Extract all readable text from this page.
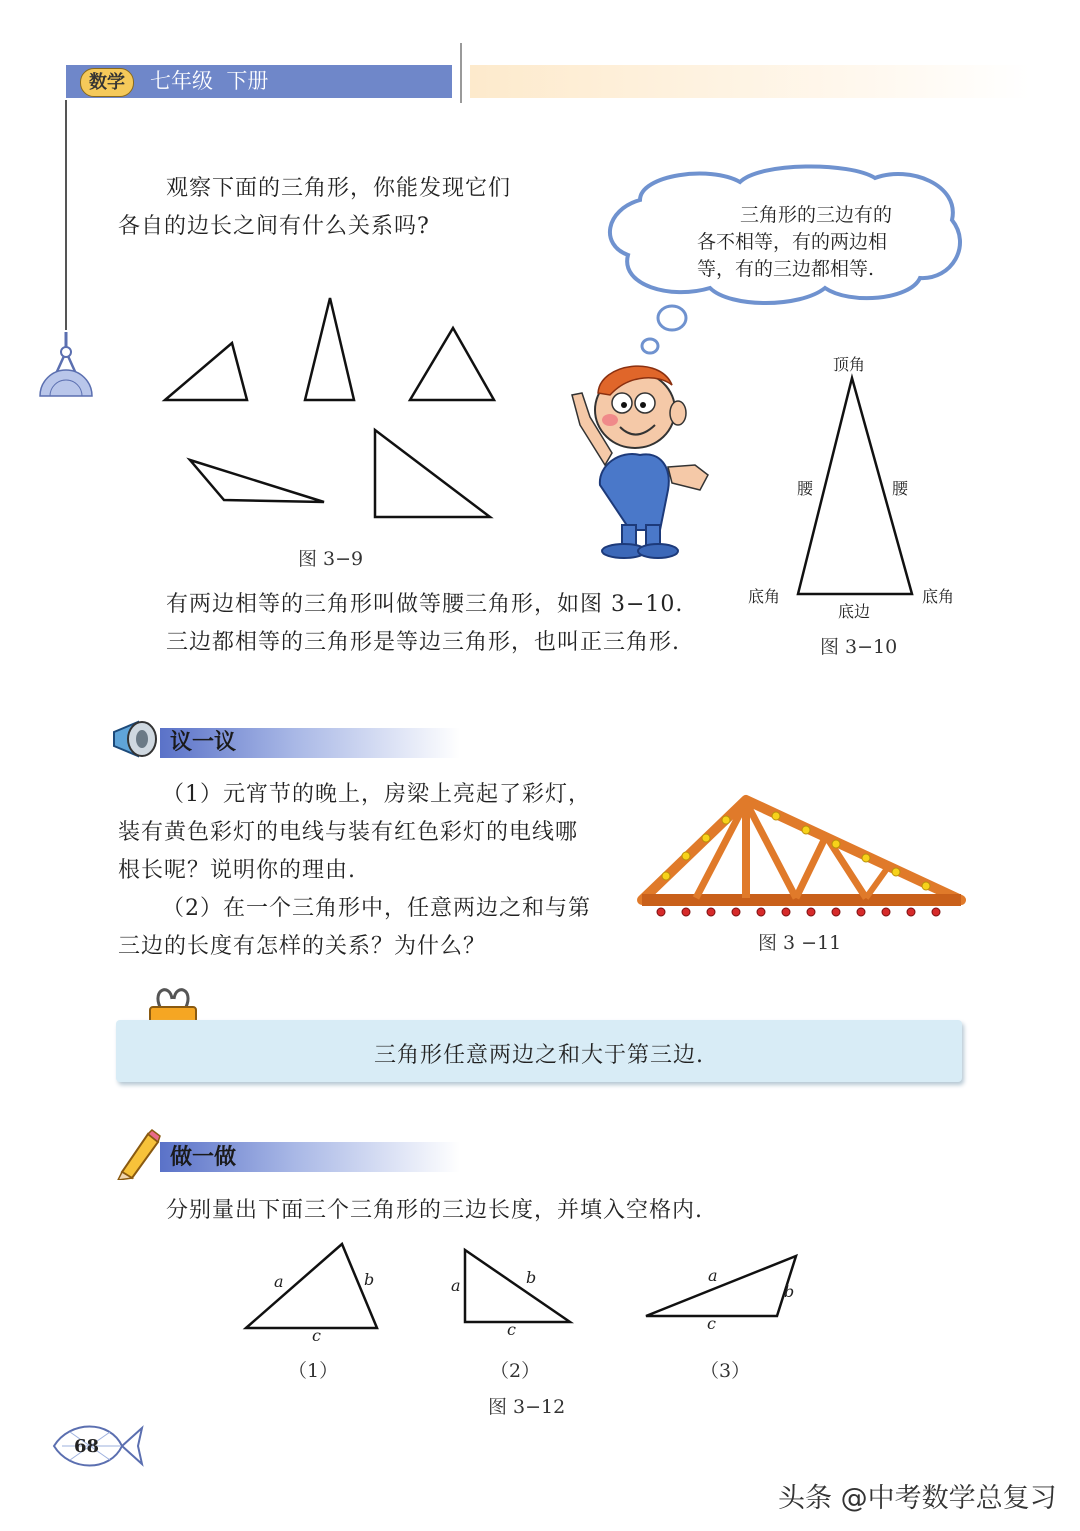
数学	七年级  下册
观察下面的三角形，你能发现它们
各自的边长之间有什么关系吗?	三角形的三边有的
各不相等，有的两边相
等，有的三边都相等.
图 3−9
顶角
腰	腰
底角	底角
底边
图 3−10
有两边相等的三角形叫做等腰三角形，如图 3−10.
三边都相等的三角形是等边三角形，也叫正三角形.
议一议
（1）元宵节的晚上，房梁上亮起了彩灯，
装有黄色彩灯的电线与装有红色彩灯的电线哪
根长呢？说明你的理由.
（2）在一个三角形中，任意两边之和与第
三边的长度有怎样的关系？为什么？	图 3 −11
三角形任意两边之和大于第三边.
做一做
分别量出下面三个三角形的三边长度，并填入空格内.
a	b
c
a	b
c
a
b
c
（1）	（2）	（3）
图 3−12
68
头条 @中考数学总复习
